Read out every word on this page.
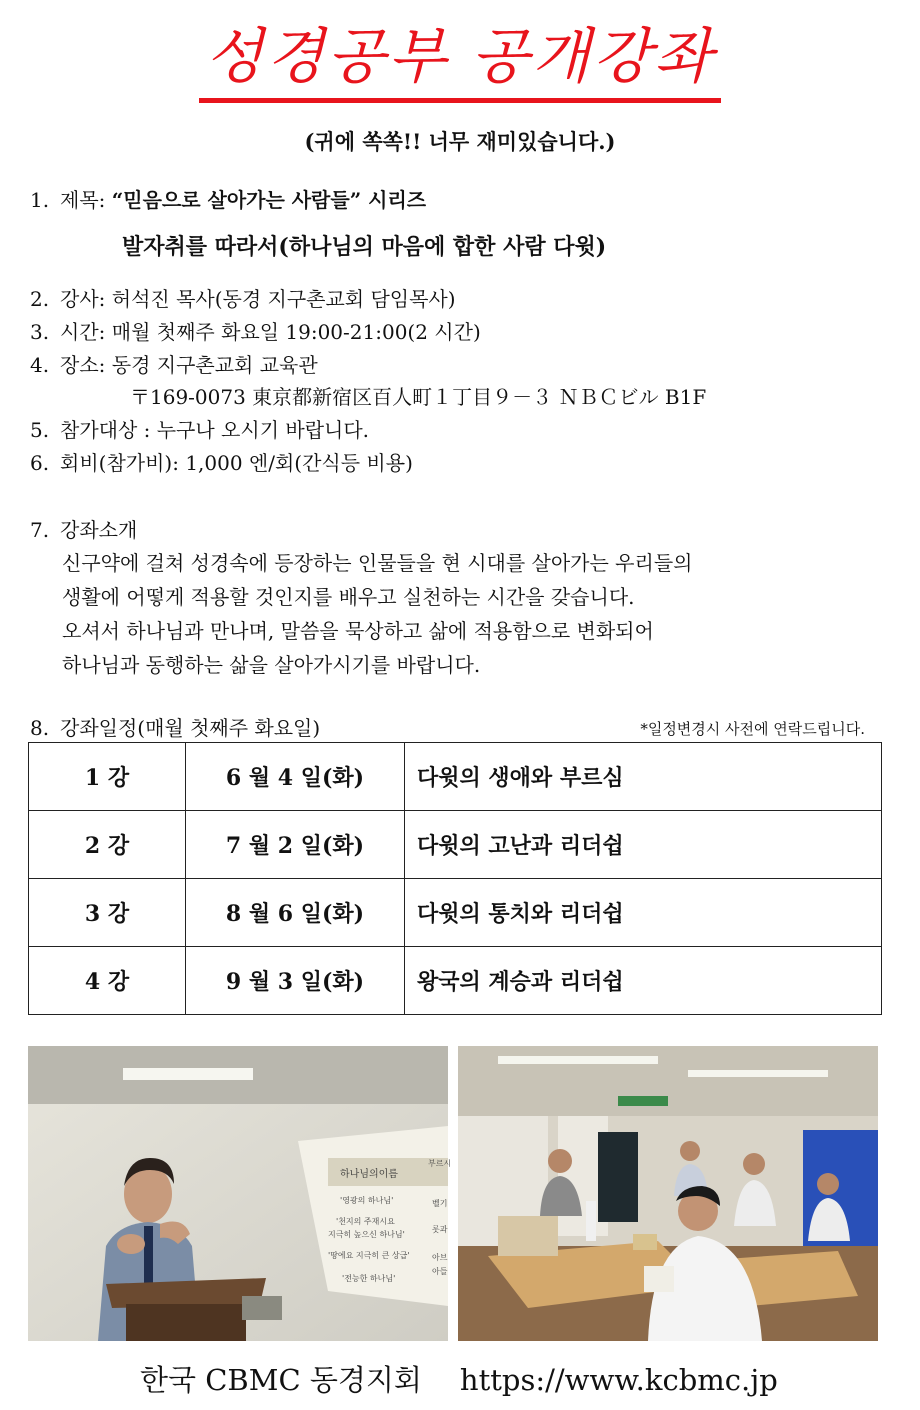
성경공부 공개강좌
(귀에 쏙쏙!! 너무 재미있습니다.)
1. 제목: “믿음으로 살아가는 사람들” 시리즈
발자취를 따라서(하나님의 마음에 합한 사람 다윗)
2. 강사: 허석진 목사(동경 지구촌교회 담임목사)
3. 시간: 매월 첫째주 화요일 19:00-21:00(2 시간)
4. 장소: 동경 지구촌교회 교육관
〒169-0073 東京都新宿区百人町１丁目９－３ ＮＢＣビル B1F
5. 참가대상 : 누구나 오시기 바랍니다.
6. 회비(참가비): 1,000 엔/회(간식등 비용)
7. 강좌소개
신구약에 걸쳐 성경속에 등장하는 인물들을 현 시대를 살아가는 우리들의
생활에 어떻게 적용할 것인지를 배우고 실천하는 시간을 갖습니다.
오셔서 하나님과 만나며, 말씀을 묵상하고 삶에 적용함으로 변화되어
하나님과 동행하는 삶을 살아가시기를 바랍니다.
8. 강좌일정(매월 첫째주 화요일)	*일정변경시 사전에 연락드립니다.
1 강	6 월 4 일(화)	다윗의 생애와 부르심
2 강	7 월 2 일(화)	다윗의 고난과 리더쉽
3 강	8 월 6 일(화)	다윗의 통치와 리더쉽
4 강	9 월 3 일(화)	왕국의 계승과 리더쉽
하나님의이름
'영광의 하나님'
'천지의 주재시요
지극히 높으신 하나님'
'땅에요 지극히 큰 상급'
'전능한 하나님'
부르시
벨기
롯과
아브
아들
한국 CBMC 동경지회 https://www.kcbmc.jp
